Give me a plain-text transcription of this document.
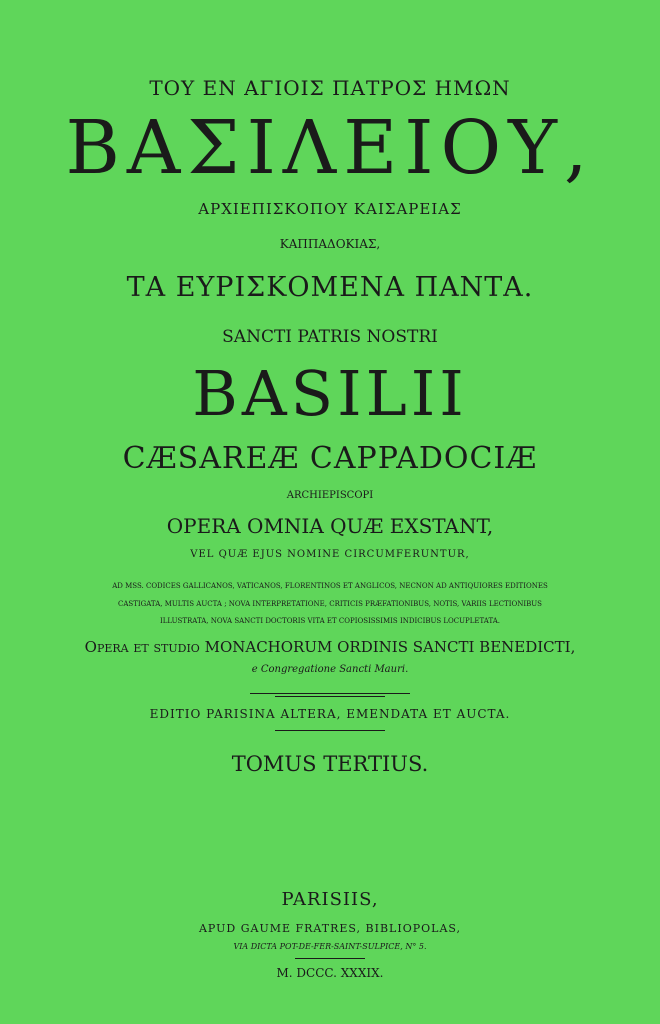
ΤΟΥ ΕΝ ΑΓΙΟΙΣ ΠΑΤΡΟΣ ΗΜΩΝ
ΒΑΣΙΛΕΙΟΥ,
ΑΡΧΙΕΠΙΣΚΟΠΟΥ ΚΑΙΣΑΡΕΙΑΣ
ΚΑΠΠΑΔΟΚΙΑΣ,
ΤΑ ΕΥΡΙΣΚΟΜΕΝΑ ΠΑΝΤΑ.
SANCTI PATRIS NOSTRI
BASILII
CÆSAREÆ CAPPADOCIÆ
ARCHIEPISCOPI
OPERA OMNIA QUÆ EXSTANT,
VEL QUÆ EJUS NOMINE CIRCUMFERUNTUR,
AD MSS. CODICES GALLICANOS, VATICANOS, FLORENTINOS ET ANGLICOS, NECNON AD ANTIQUIORES EDITIONES
CASTIGATA, MULTIS AUCTA ; NOVA INTERPRETATIONE, CRITICIS PRÆFATIONIBUS, NOTIS, VARIIS LECTIONIBUS
ILLUSTRATA, NOVA SANCTI DOCTORIS VITA ET COPIOSISSIMIS INDICIBUS LOCUPLETATA.
Opera et studio MONACHORUM ORDINIS SANCTI BENEDICTI,
e Congregatione Sancti Mauri.
EDITIO PARISINA ALTERA, EMENDATA ET AUCTA.
TOMUS TERTIUS.
PARISIIS,
APUD GAUME FRATRES, BIBLIOPOLAS,
VIA DICTA POT-DE-FER-SAINT-SULPICE, N° 5.
M. DCCC. XXXIX.
